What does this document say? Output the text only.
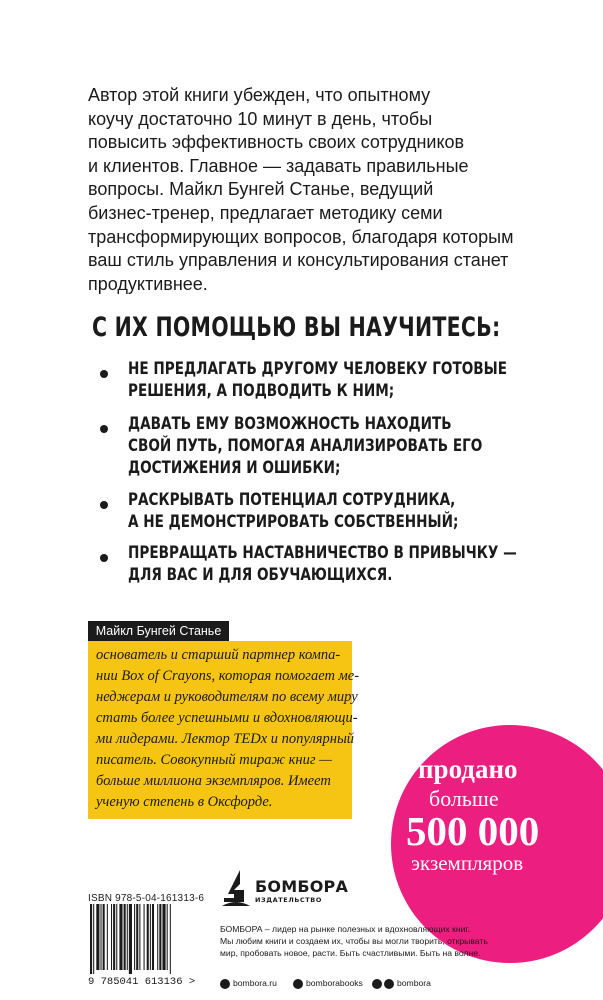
Автор этой книги убежден, что опытному
коучу достаточно 10 минут в день, чтобы
повысить эффективность своих сотрудников
и клиентов. Главное — задавать правильные
вопросы. Майкл Бунгей Станье, ведущий
бизнес-тренер, предлагает методику семи
трансформирующих вопросов, благодаря которым
ваш стиль управления и консультирования станет
продуктивнее.

С ИХ ПОМОЩЬЮ ВЫ НАУЧИТЕСЬ:

НЕ ПРЕДЛАГАТЬ ДРУГОМУ ЧЕЛОВЕКУ ГОТОВЫЕ

РЕШЕНИЯ, А ПОДВОДИТЬ К НИМ;

ДАВАТЬ ЕМУ ВОЗМОЖНОСТЬ НАХОДИТЬ

СВОЙ ПУТЬ, ПОМОГАЯ АНАЛИЗИРОВАТЬ ЕГО

ДОСТИЖЕНИЯ И ОШИБКИ;

РАСКРЫВАТЬ ПОТЕНЦИАЛ СОТРУДНИКА,

А НЕ ДЕМОНСТРИРОВАТЬ СОБСТВЕННЫЙ;

ПРЕВРАЩАТЬ НАСТАВНИЧЕСТВО В ПРИВЫЧКУ —

ДЛЯ ВАС И ДЛЯ ОБУЧАЮЩИХСЯ.

Майкл Бунгей Станье

основатель и старший партнер компа-

нии Box of Crayons, которая помогает ме-

неджерам и руководителям по всему миру

стать более успешными и вдохновляющи-

ми лидерами. Лектор TEDx и популярный

писатель. Совокупный тираж книг —

больше миллиона экземпляров. Имеет

ученую степень в Оксфорде.

продано
больше
500 000
экземпляров
ISBN 978-5-04-161313-6
9 785041 613136 >
БОМБОРА
ИЗДАТЕЛЬСТВО
БОМБОРА – лидер на рынке полезных и вдохновляющих книг.
Мы любим книги и создаем их, чтобы вы могли творить, открывать
мир, пробовать новое, расти. Быть счастливыми. Быть на волне.
bombora.ru	bomborabooks	bombora
